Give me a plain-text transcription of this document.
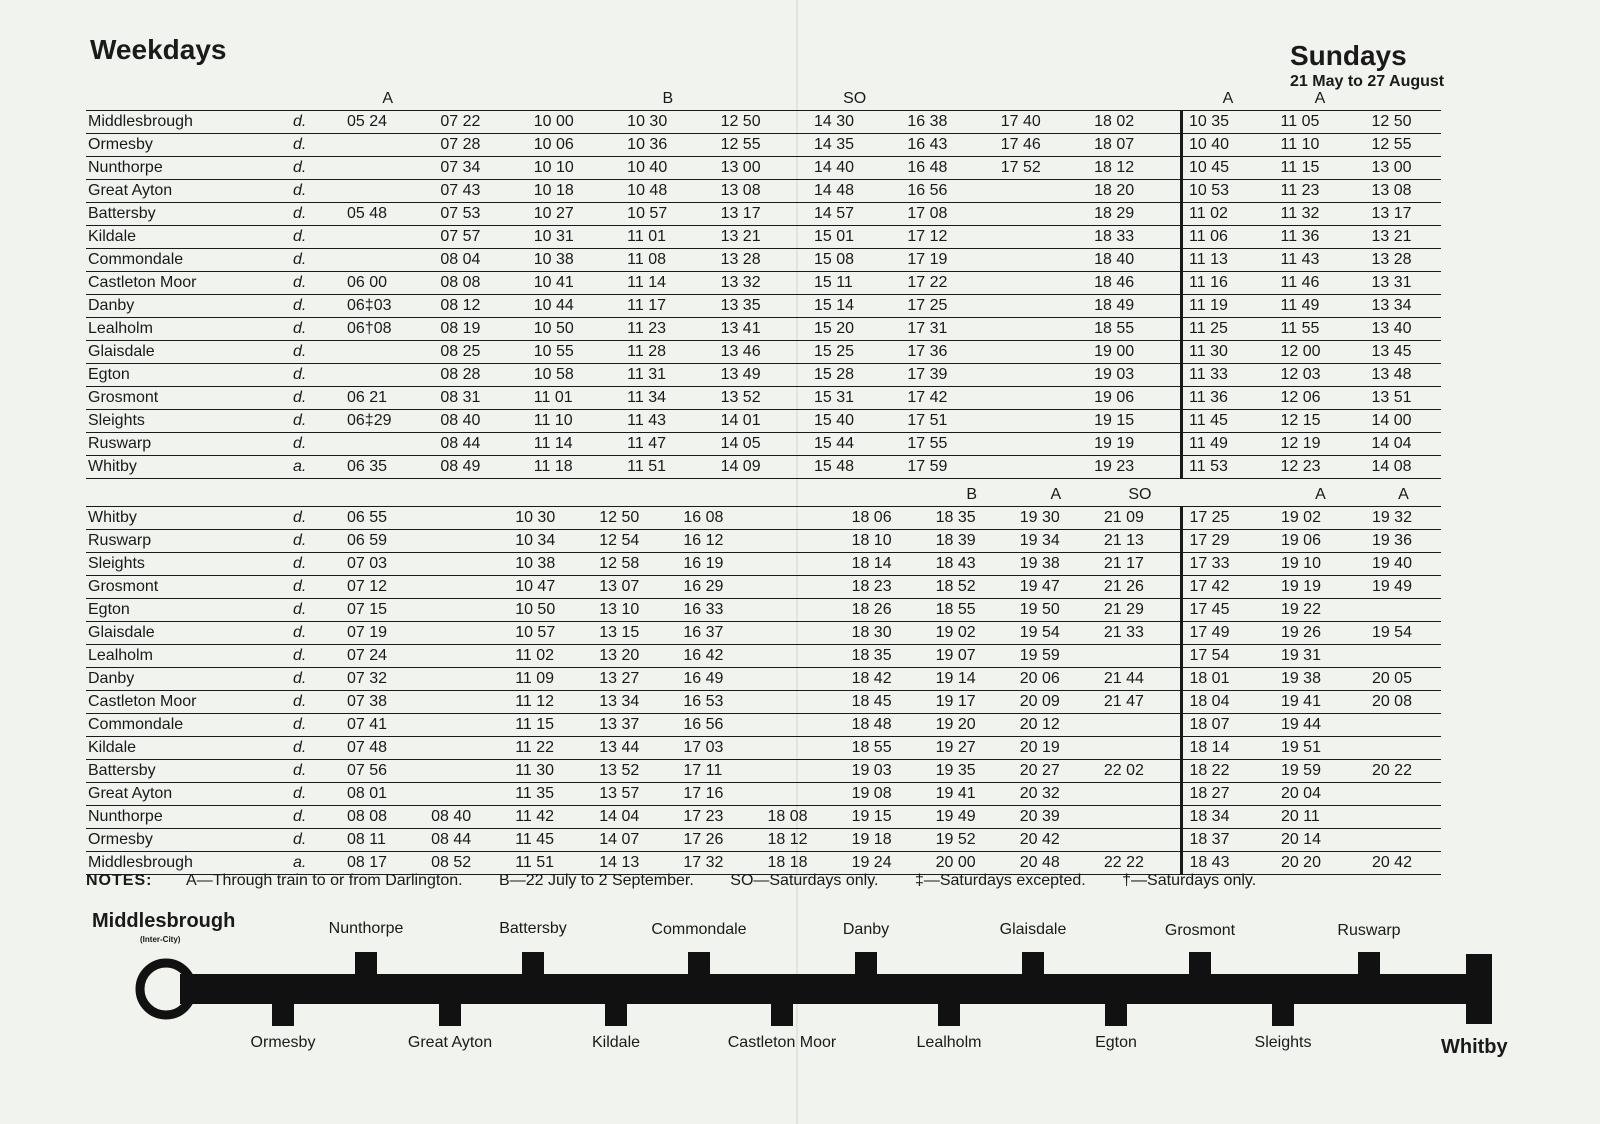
Weekdays	Sundays
21 May to 27 August
		A			B		SO				A	A	
Middlesbrough	d.	05 24	07 22	10 00	10 30	12 50	14 30	16 38	17 40	18 02	10 35	11 05	12 50
Ormesby	d.		07 28	10 06	10 36	12 55	14 35	16 43	17 46	18 07	10 40	11 10	12 55
Nunthorpe	d.		07 34	10 10	10 40	13 00	14 40	16 48	17 52	18 12	10 45	11 15	13 00
Great Ayton	d.		07 43	10 18	10 48	13 08	14 48	16 56		18 20	10 53	11 23	13 08
Battersby	d.	05 48	07 53	10 27	10 57	13 17	14 57	17 08		18 29	11 02	11 32	13 17
Kildale	d.		07 57	10 31	11 01	13 21	15 01	17 12		18 33	11 06	11 36	13 21
Commondale	d.		08 04	10 38	11 08	13 28	15 08	17 19		18 40	11 13	11 43	13 28
Castleton Moor	d.	06 00	08 08	10 41	11 14	13 32	15 11	17 22		18 46	11 16	11 46	13 31
Danby	d.	06‡03	08 12	10 44	11 17	13 35	15 14	17 25		18 49	11 19	11 49	13 34
Lealholm	d.	06†08	08 19	10 50	11 23	13 41	15 20	17 31		18 55	11 25	11 55	13 40
Glaisdale	d.		08 25	10 55	11 28	13 46	15 25	17 36		19 00	11 30	12 00	13 45
Egton	d.		08 28	10 58	11 31	13 49	15 28	17 39		19 03	11 33	12 03	13 48
Grosmont	d.	06 21	08 31	11 01	11 34	13 52	15 31	17 42		19 06	11 36	12 06	13 51
Sleights	d.	06‡29	08 40	11 10	11 43	14 01	15 40	17 51		19 15	11 45	12 15	14 00
Ruswarp	d.		08 44	11 14	11 47	14 05	15 44	17 55		19 19	11 49	12 19	14 04
Whitby	a.	06 35	08 49	11 18	11 51	14 09	15 48	17 59		19 23	11 53	12 23	14 08
									B	A	SO		A	A
Whitby	d.	06 55		10 30	12 50	16 08		18 06	18 35	19 30	21 09	17 25	19 02	19 32
Ruswarp	d.	06 59		10 34	12 54	16 12		18 10	18 39	19 34	21 13	17 29	19 06	19 36
Sleights	d.	07 03		10 38	12 58	16 19		18 14	18 43	19 38	21 17	17 33	19 10	19 40
Grosmont	d.	07 12		10 47	13 07	16 29		18 23	18 52	19 47	21 26	17 42	19 19	19 49
Egton	d.	07 15		10 50	13 10	16 33		18 26	18 55	19 50	21 29	17 45	19 22	
Glaisdale	d.	07 19		10 57	13 15	16 37		18 30	19 02	19 54	21 33	17 49	19 26	19 54
Lealholm	d.	07 24		11 02	13 20	16 42		18 35	19 07	19 59		17 54	19 31	
Danby	d.	07 32		11 09	13 27	16 49		18 42	19 14	20 06	21 44	18 01	19 38	20 05
Castleton Moor	d.	07 38		11 12	13 34	16 53		18 45	19 17	20 09	21 47	18 04	19 41	20 08
Commondale	d.	07 41		11 15	13 37	16 56		18 48	19 20	20 12		18 07	19 44	
Kildale	d.	07 48		11 22	13 44	17 03		18 55	19 27	20 19		18 14	19 51	
Battersby	d.	07 56		11 30	13 52	17 11		19 03	19 35	20 27	22 02	18 22	19 59	20 22
Great Ayton	d.	08 01		11 35	13 57	17 16		19 08	19 41	20 32		18 27	20 04	
Nunthorpe	d.	08 08	08 40	11 42	14 04	17 23	18 08	19 15	19 49	20 39		18 34	20 11	
Ormesby	d.	08 11	08 44	11 45	14 07	17 26	18 12	19 18	19 52	20 42		18 37	20 14	
Middlesbrough	a.	08 17	08 52	11 51	14 13	17 32	18 18	19 24	20 00	20 48	22 22	18 43	20 20	20 42
NOTES: A—Through train to or from Darlington. B—22 July to 2 September. SO—Saturdays only. ‡—Saturdays excepted. †—Saturdays only.
Middlesbrough
(Inter-City)
Whitby
Nunthorpe	Battersby	Commondale	Danby	Glaisdale	Grosmont	Ruswarp
Ormesby	Great Ayton	Kildale	Castleton Moor	Lealholm	Egton	Sleights
